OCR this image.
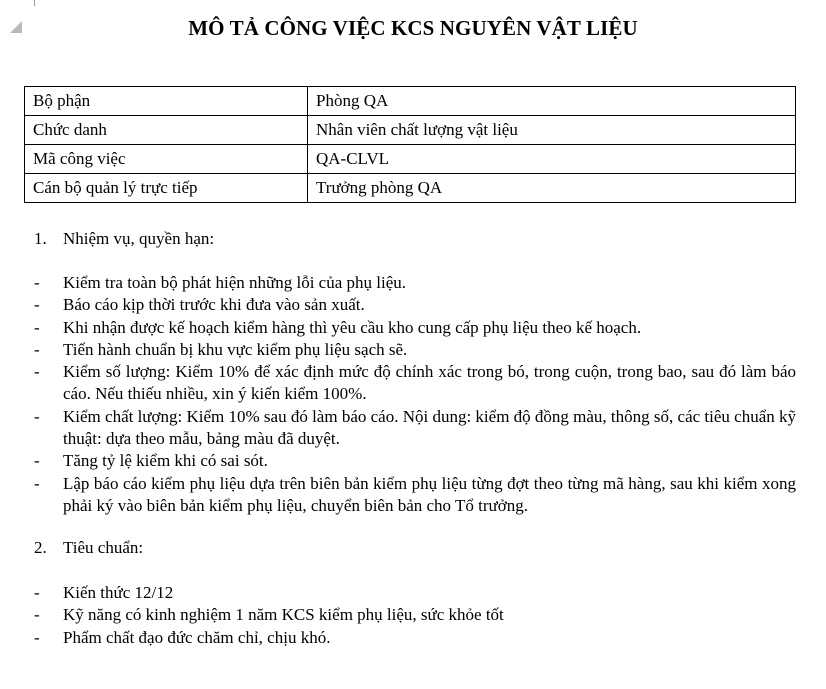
MÔ TẢ CÔNG VIỆC KCS NGUYÊN VẬT LIỆU
Bộ phận	Phòng QA
Chức danh	Nhân viên chất lượng vật liệu
Mã công việc	QA-CLVL
Cán bộ quản lý trực tiếp	Trưởng phòng QA
1. Nhiệm vụ, quyền hạn:
- Kiểm tra toàn bộ phát hiện những lỗi của phụ liệu.
- Báo cáo kịp thời trước khi đưa vào sản xuất.
- Khi nhận được kế hoạch kiểm hàng thì yêu cầu kho cung cấp phụ liệu theo kế hoạch.
- Tiến hành chuẩn bị khu vực kiểm phụ liệu sạch sẽ.
- Kiểm số lượng: Kiểm 10% để xác định mức độ chính xác trong bó, trong cuộn, trong bao, sau đó làm báo cáo. Nếu thiếu nhiều, xin ý kiến kiểm 100%.
- Kiểm chất lượng: Kiểm 10% sau đó làm báo cáo. Nội dung: kiểm độ đồng màu, thông số, các tiêu chuẩn kỹ thuật: dựa theo mẫu, bảng màu đã duyệt.
- Tăng tỷ lệ kiểm khi có sai sót.
- Lập báo cáo kiểm phụ liệu dựa trên biên bản kiểm phụ liệu từng đợt theo từng mã hàng, sau khi kiểm xong phải ký vào biên bản kiểm phụ liệu, chuyển biên bản cho Tổ trưởng.
2. Tiêu chuẩn:
- Kiến thức 12/12
- Kỹ năng có kinh nghiệm 1 năm KCS kiểm phụ liệu, sức khỏe tốt
- Phẩm chất đạo đức chăm chỉ, chịu khó.
